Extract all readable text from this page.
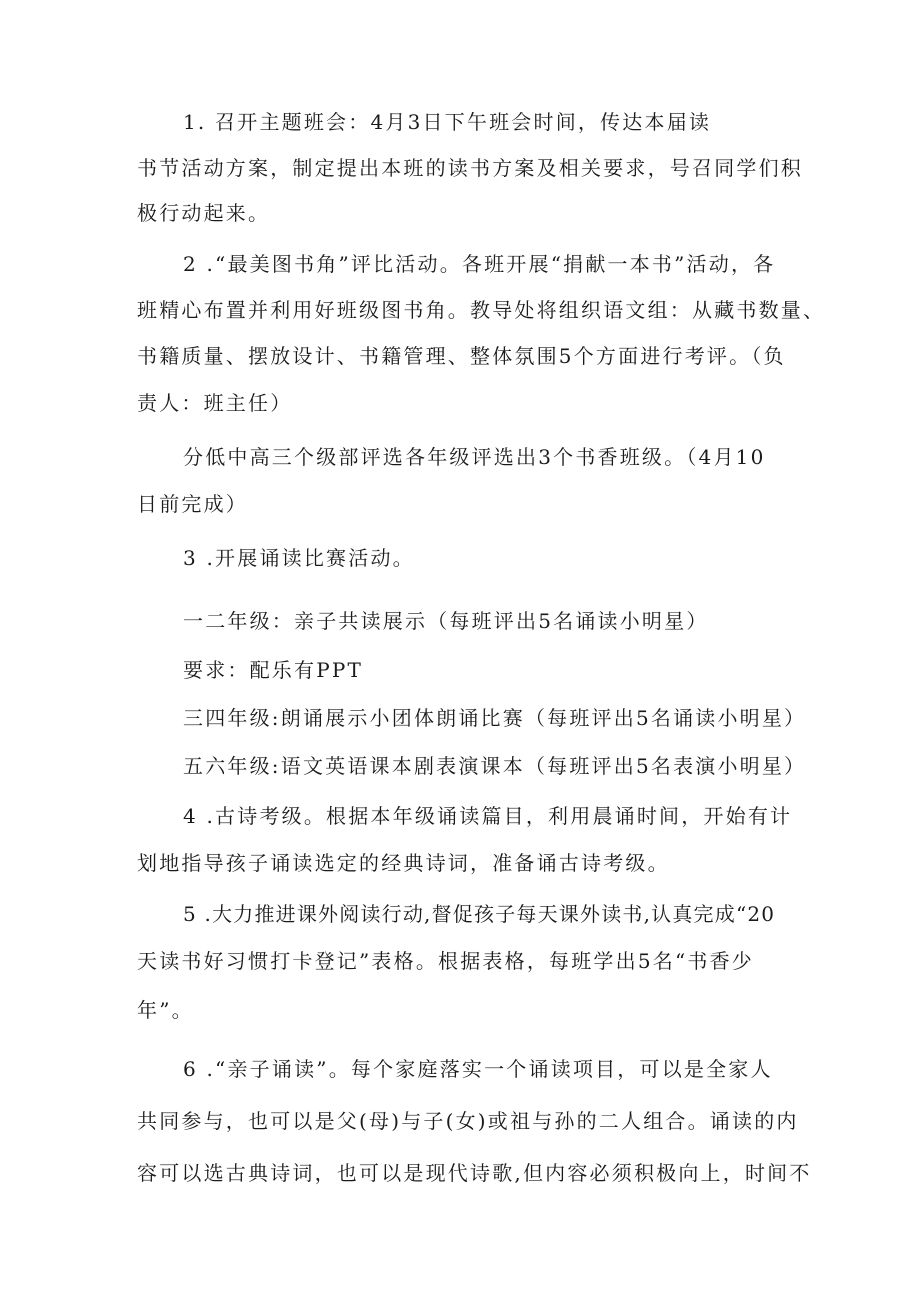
1. 召开主题班会：4月3日下午班会时间，传达本届读
书节活动方案，制定提出本班的读书方案及相关要求，号召同学们积
极行动起来。
2 .“最美图书角”评比活动。各班开展“捐献一本书”活动，各
班精心布置并利用好班级图书角。教导处将组织语文组：从藏书数量、
书籍质量、摆放设计、书籍管理、整体氛围5个方面进行考评。（负
责人：班主任）
分低中高三个级部评选各年级评选出3个书香班级。（4月10
日前完成）
3 .开展诵读比赛活动。
一二年级：亲子共读展示（每班评出5名诵读小明星）
要求：配乐有PPT
三四年级:朗诵展示小团体朗诵比赛（每班评出5名诵读小明星）
五六年级:语文英语课本剧表演课本（每班评出5名表演小明星）
4 .古诗考级。根据本年级诵读篇目，利用晨诵时间，开始有计
划地指导孩子诵读选定的经典诗词，准备诵古诗考级。
5 .大力推进课外阅读行动,督促孩子每天课外读书,认真完成“20
天读书好习惯打卡登记”表格。根据表格，每班学出5名“书香少
年”。
6 .“亲子诵读”。每个家庭落实一个诵读项目，可以是全家人
共同参与，也可以是父(母)与子(女)或祖与孙的二人组合。诵读的内
容可以选古典诗词，也可以是现代诗歌,但内容必须积极向上，时间不
